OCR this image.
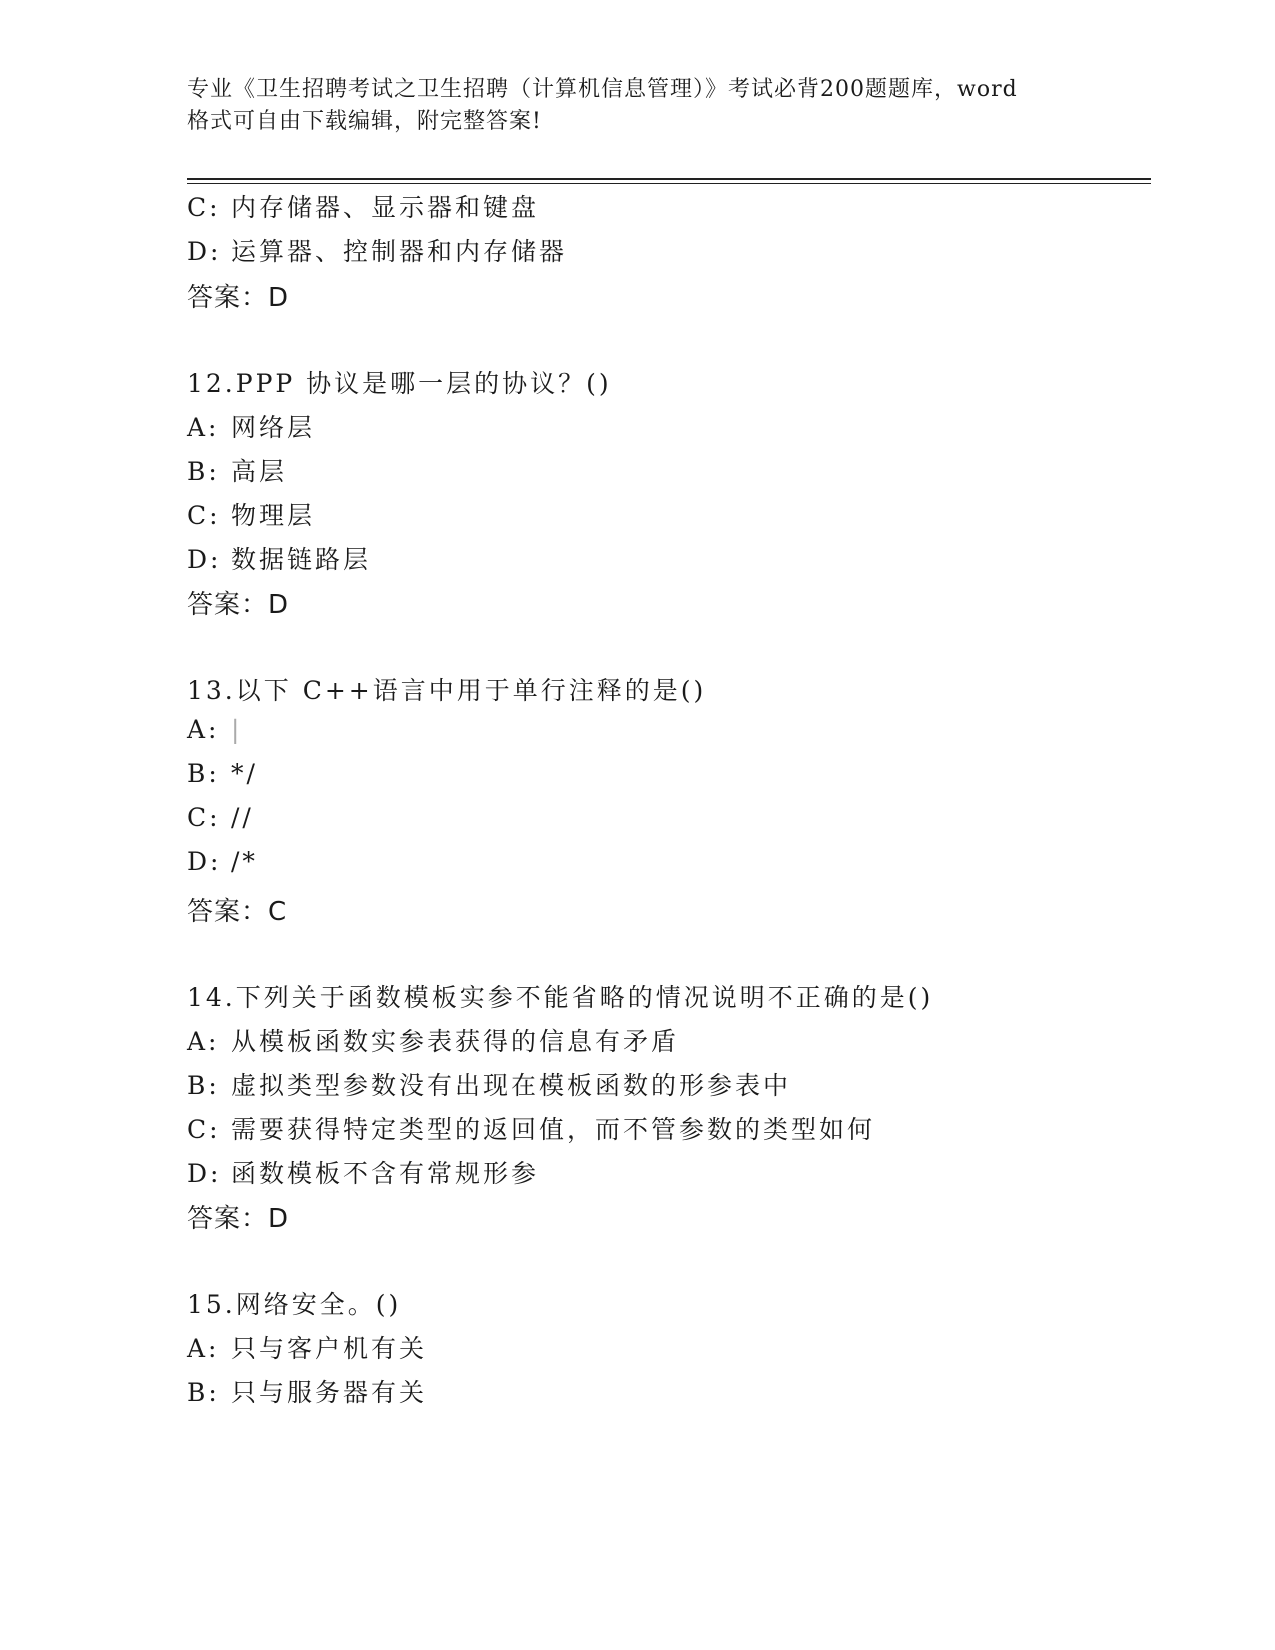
专业《卫生招聘考试之卫生招聘（计算机信息管理）》考试必背200题题库，word
格式可自由下载编辑，附完整答案!
C: 内存储器、显示器和键盘
D: 运算器、控制器和内存储器
答案：D
12.PPP 协议是哪一层的协议？()
A: 网络层
B: 高层
C: 物理层
D: 数据链路层
答案：D
13.以下 C++语言中用于单行注释的是()
A: |
B: */
C: //
D: /*
答案：C
14.下列关于函数模板实参不能省略的情况说明不正确的是()
A: 从模板函数实参表获得的信息有矛盾
B: 虚拟类型参数没有出现在模板函数的形参表中
C: 需要获得特定类型的返回值，而不管参数的类型如何
D: 函数模板不含有常规形参
答案：D
15.网络安全。()
A: 只与客户机有关
B: 只与服务器有关
